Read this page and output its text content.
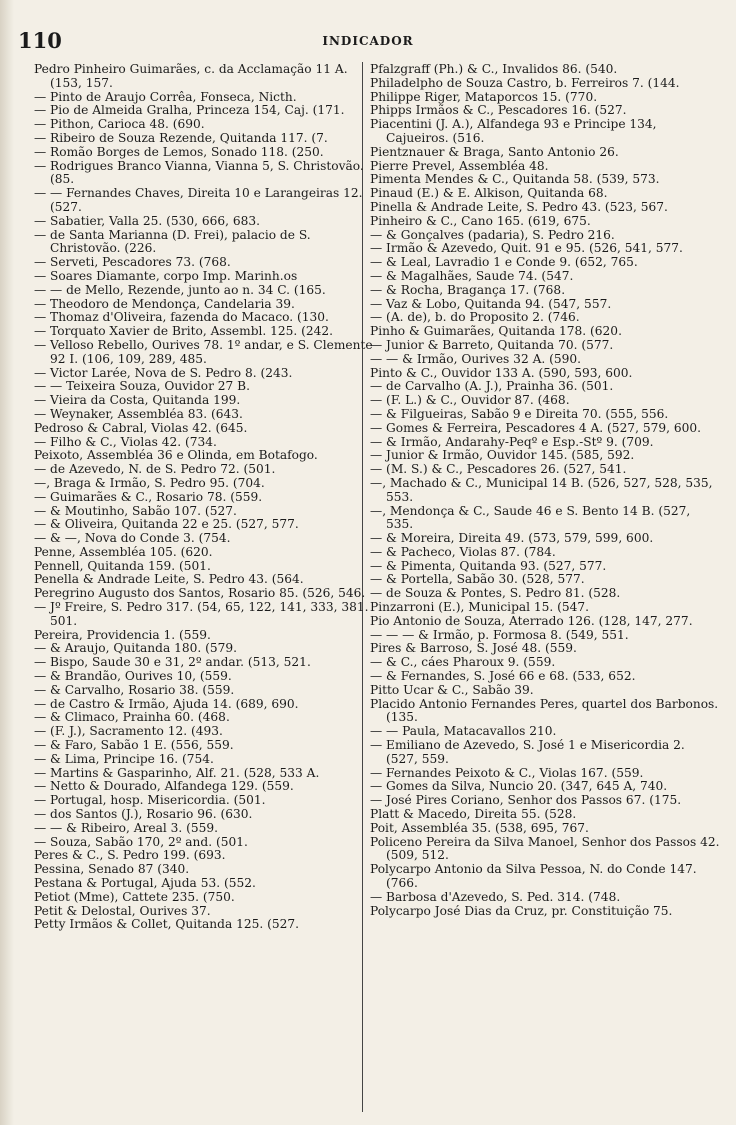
110	INDICADOR

Pedro Pinheiro Guimarães, c. da Acclamação 11 A. (153, 157.

— Pinto de Araujo Corrêa, Fonseca, Nicth.

— Pio de Almeida Gralha, Princeza 154, Caj. (171.

— Pithon, Carioca 48. (690.

— Ribeiro de Souza Rezende, Quitanda 117. (7.

— Romão Borges de Lemos, Sonado 118. (250.

— Rodrigues Branco Vianna, Vianna 5, S. Christovão. (85.

— — Fernandes Chaves, Direita 10 e Larangeiras 12. (527.

— Sabatier, Valla 25. (530, 666, 683.

— de Santa Marianna (D. Frei), palacio de S. Christovão. (226.

— Serveti, Pescadores 73. (768.

— Soares Diamante, corpo Imp. Marinh.os

— — de Mello, Rezende, junto ao n. 34 C. (165.

— Theodoro de Mendonça, Candelaria 39.

— Thomaz d'Oliveira, fazenda do Macaco. (130.

— Torquato Xavier de Brito, Assembl. 125. (242.

— Velloso Rebello, Ourives 78. 1º andar, e S. Clemente 92 I. (106, 109, 289, 485.

— Victor Larée, Nova de S. Pedro 8. (243.

— — Teixeira Souza, Ouvidor 27 B.

— Vieira da Costa, Quitanda 199.

— Weynaker, Assembléa 83. (643.

Pedroso & Cabral, Violas 42. (645.

— Filho & C., Violas 42. (734.

Peixoto, Assembléa 36 e Olinda, em Botafogo.

— de Azevedo, N. de S. Pedro 72. (501.

—, Braga & Irmão, S. Pedro 95. (704.

— Guimarães & C., Rosario 78. (559.

— & Moutinho, Sabão 107. (527.

— & Oliveira, Quitanda 22 e 25. (527, 577.

— & —, Nova do Conde 3. (754.

Penne, Assembléa 105. (620.

Pennell, Quitanda 159. (501.

Penella & Andrade Leite, S. Pedro 43. (564.

Peregrino Augusto dos Santos, Rosario 85. (526, 546.

— Jº Freire, S. Pedro 317. (54, 65, 122, 141, 333, 381. 501.

Pereira, Providencia 1. (559.

— & Araujo, Quitanda 180. (579.

— Bispo, Saude 30 e 31, 2º andar. (513, 521.

— & Brandão, Ourives 10, (559.

— & Carvalho, Rosario 38. (559.

— de Castro & Irmão, Ajuda 14. (689, 690.

— & Climaco, Prainha 60. (468.

— (F. J.), Sacramento 12. (493.

— & Faro, Sabão 1 E. (556, 559.

— & Lima, Principe 16. (754.

— Martins & Gasparinho, Alf. 21. (528, 533 A.

— Netto & Dourado, Alfandega 129. (559.

— Portugal, hosp. Misericordia. (501.

— dos Santos (J.), Rosario 96. (630.

— — & Ribeiro, Areal 3. (559.

— Souza, Sabão 170, 2º and. (501.

Peres & C., S. Pedro 199. (693.

Pessina, Senado 87 (340.

Pestana & Portugal, Ajuda 53. (552.

Petiot (Mme), Cattete 235. (750.

Petit & Delostal, Ourives 37.

Petty Irmãos & Collet, Quitanda 125. (527.

Pfalzgraff (Ph.) & C., Invalidos 86. (540.

Philadelpho de Souza Castro, b. Ferreiros 7. (144.

Philippe Riger, Mataporcos 15. (770.

Phipps Irmãos & C., Pescadores 16. (527.

Piacentini (J. A.), Alfandega 93 e Principe 134, Cajueiros. (516.

Pientznauer & Braga, Santo Antonio 26.

Pierre Prevel, Assembléa 48.

Pimenta Mendes & C., Quitanda 58. (539, 573.

Pinaud (E.) & E. Alkison, Quitanda 68.

Pinella & Andrade Leite, S. Pedro 43. (523, 567.

Pinheiro & C., Cano 165. (619, 675.

— & Gonçalves (padaria), S. Pedro 216.

— Irmão & Azevedo, Quit. 91 e 95. (526, 541, 577.

— & Leal, Lavradio 1 e Conde 9. (652, 765.

— & Magalhães, Saude 74. (547.

— & Rocha, Bragança 17. (768.

— Vaz & Lobo, Quitanda 94. (547, 557.

— (A. de), b. do Proposito 2. (746.

Pinho & Guimarães, Quitanda 178. (620.

— Junior & Barreto, Quitanda 70. (577.

— — & Irmão, Ourives 32 A. (590.

Pinto & C., Ouvidor 133 A. (590, 593, 600.

— de Carvalho (A. J.), Prainha 36. (501.

— (F. L.) & C., Ouvidor 87. (468.

— & Filgueiras, Sabão 9 e Direita 70. (555, 556.

— Gomes & Ferreira, Pescadores 4 A. (527, 579, 600.

— & Irmão, Andarahy-Peqº e Esp.-Stº 9. (709.

— Junior & Irmão, Ouvidor 145. (585, 592.

— (M. S.) & C., Pescadores 26. (527, 541.

—, Machado & C., Municipal 14 B. (526, 527, 528, 535, 553.

—, Mendonça & C., Saude 46 e S. Bento 14 B. (527, 535.

— & Moreira, Direita 49. (573, 579, 599, 600.

— & Pacheco, Violas 87. (784.

— & Pimenta, Quitanda 93. (527, 577.

— & Portella, Sabão 30. (528, 577.

— de Souza & Pontes, S. Pedro 81. (528.

Pinzarroni (E.), Municipal 15. (547.

Pio Antonio de Souza, Aterrado 126. (128, 147, 277.

— — — & Irmão, p. Formosa 8. (549, 551.

Pires & Barroso, S. José 48. (559.

— & C., cáes Pharoux 9. (559.

— & Fernandes, S. José 66 e 68. (533, 652.

Pitto Ucar & C., Sabão 39.

Placido Antonio Fernandes Peres, quartel dos Barbonos. (135.

— — Paula, Matacavallos 210.

— Emiliano de Azevedo, S. José 1 e Misericordia 2. (527, 559.

— Fernandes Peixoto & C., Violas 167. (559.

— Gomes da Silva, Nuncio 20. (347, 645 A, 740.

— José Pires Coriano, Senhor dos Passos 67. (175.

Platt & Macedo, Direita 55. (528.

Poit, Assembléa 35. (538, 695, 767.

Policeno Pereira da Silva Manoel, Senhor dos Passos 42. (509, 512.

Polycarpo Antonio da Silva Pessoa, N. do Conde 147. (766.

— Barbosa d'Azevedo, S. Ped. 314. (748.

Polycarpo José Dias da Cruz, pr. Constituição 75.
